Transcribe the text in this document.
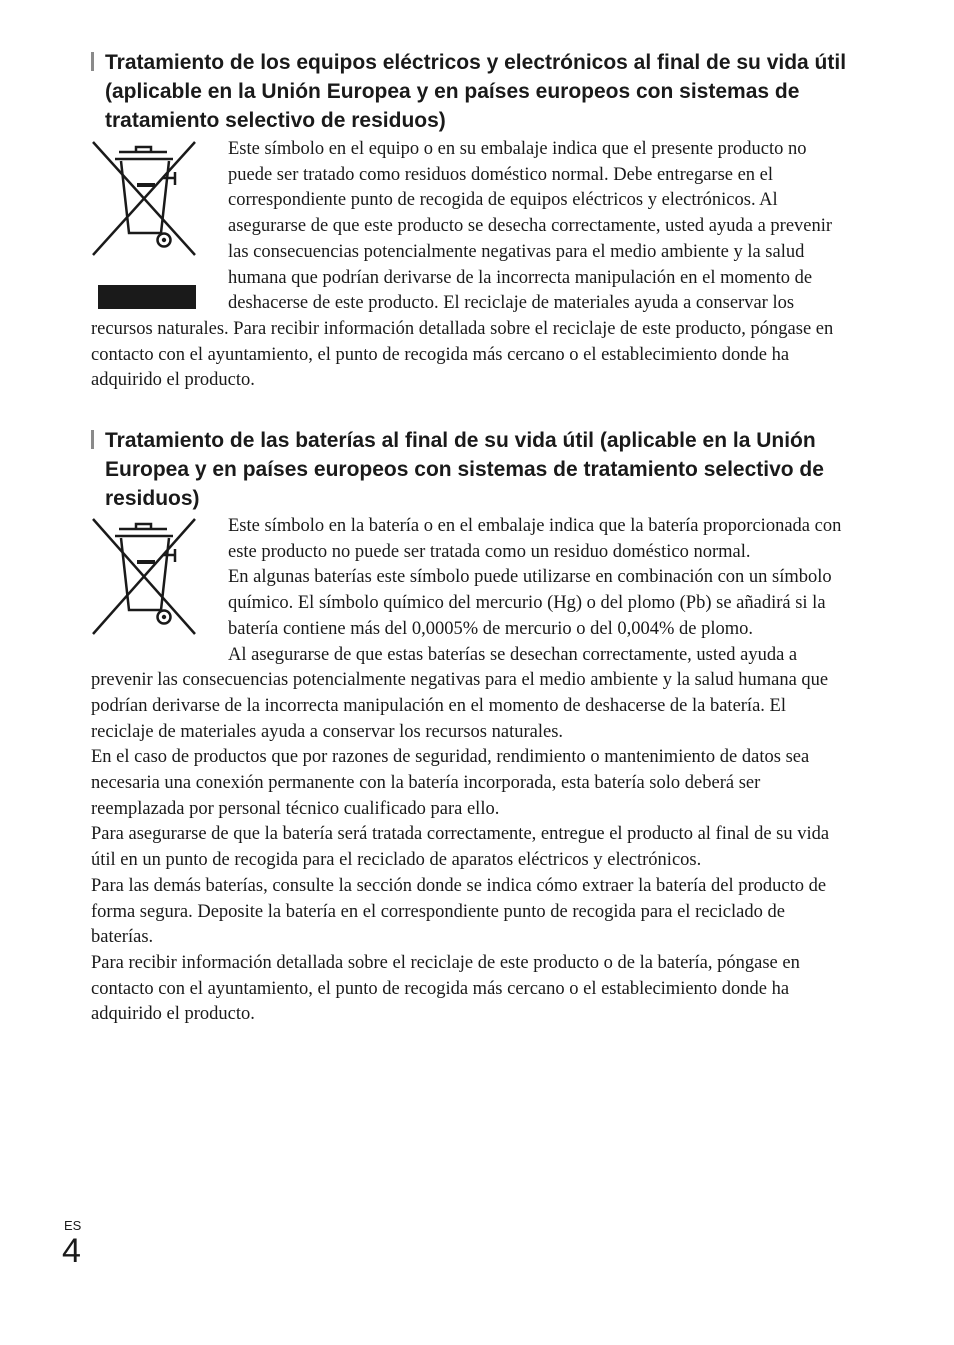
Tratamiento de los equipos eléctricos y electrónicos al final de su vida útil (aplicable en la Unión Europea y en países europeos con sistemas de tratamiento selectivo de residuos)

Este símbolo en el equipo o en su embalaje indica que el presente producto no puede ser tratado como residuos doméstico normal. Debe entregarse en el correspondiente punto de recogida de equipos eléctricos y electrónicos. Al asegurarse de que este producto se desecha correctamente, usted ayuda a prevenir las consecuencias potencialmente negativas para el medio ambiente y la salud humana que podrían derivarse de la incorrecta manipulación en el momento de deshacerse de este producto. El reciclaje de materiales ayuda a conservar los recursos naturales. Para recibir información detallada sobre el reciclaje de este producto, póngase en contacto con el ayuntamiento, el punto de recogida más cercano o el establecimiento donde ha adquirido el producto.

Tratamiento de las baterías al final de su vida útil (aplicable en la Unión Europea y en países europeos con sistemas de tratamiento selectivo de residuos)

Este símbolo en la batería o en el embalaje indica que la batería proporcionada con este producto no puede ser tratada como un residuo doméstico normal.

En algunas baterías este símbolo puede utilizarse en combinación con un símbolo químico. El símbolo químico del mercurio (Hg) o del plomo (Pb) se añadirá si la batería contiene más del 0,0005% de mercurio o del 0,004% de plomo.

Al asegurarse de que estas baterías se desechan correctamente, usted ayuda a prevenir las consecuencias potencialmente negativas para el medio ambiente y la salud humana que podrían derivarse de la incorrecta manipulación en el momento de deshacerse de la batería. El reciclaje de materiales ayuda a conservar los recursos naturales.

En el caso de productos que por razones de seguridad, rendimiento o mantenimiento de datos sea necesaria una conexión permanente con la batería incorporada, esta batería solo deberá ser reemplazada por personal técnico cualificado para ello.

Para asegurarse de que la batería será tratada correctamente, entregue el producto al final de su vida útil en un punto de recogida para el reciclado de aparatos eléctricos y electrónicos.

Para las demás baterías, consulte la sección donde se indica cómo extraer la batería del producto de forma segura. Deposite la batería en el correspondiente punto de recogida para el reciclado de baterías.

Para recibir información detallada sobre el reciclaje de este producto o de la batería, póngase en contacto con el ayuntamiento, el punto de recogida más cercano o el establecimiento donde ha adquirido el producto.

ES
4
